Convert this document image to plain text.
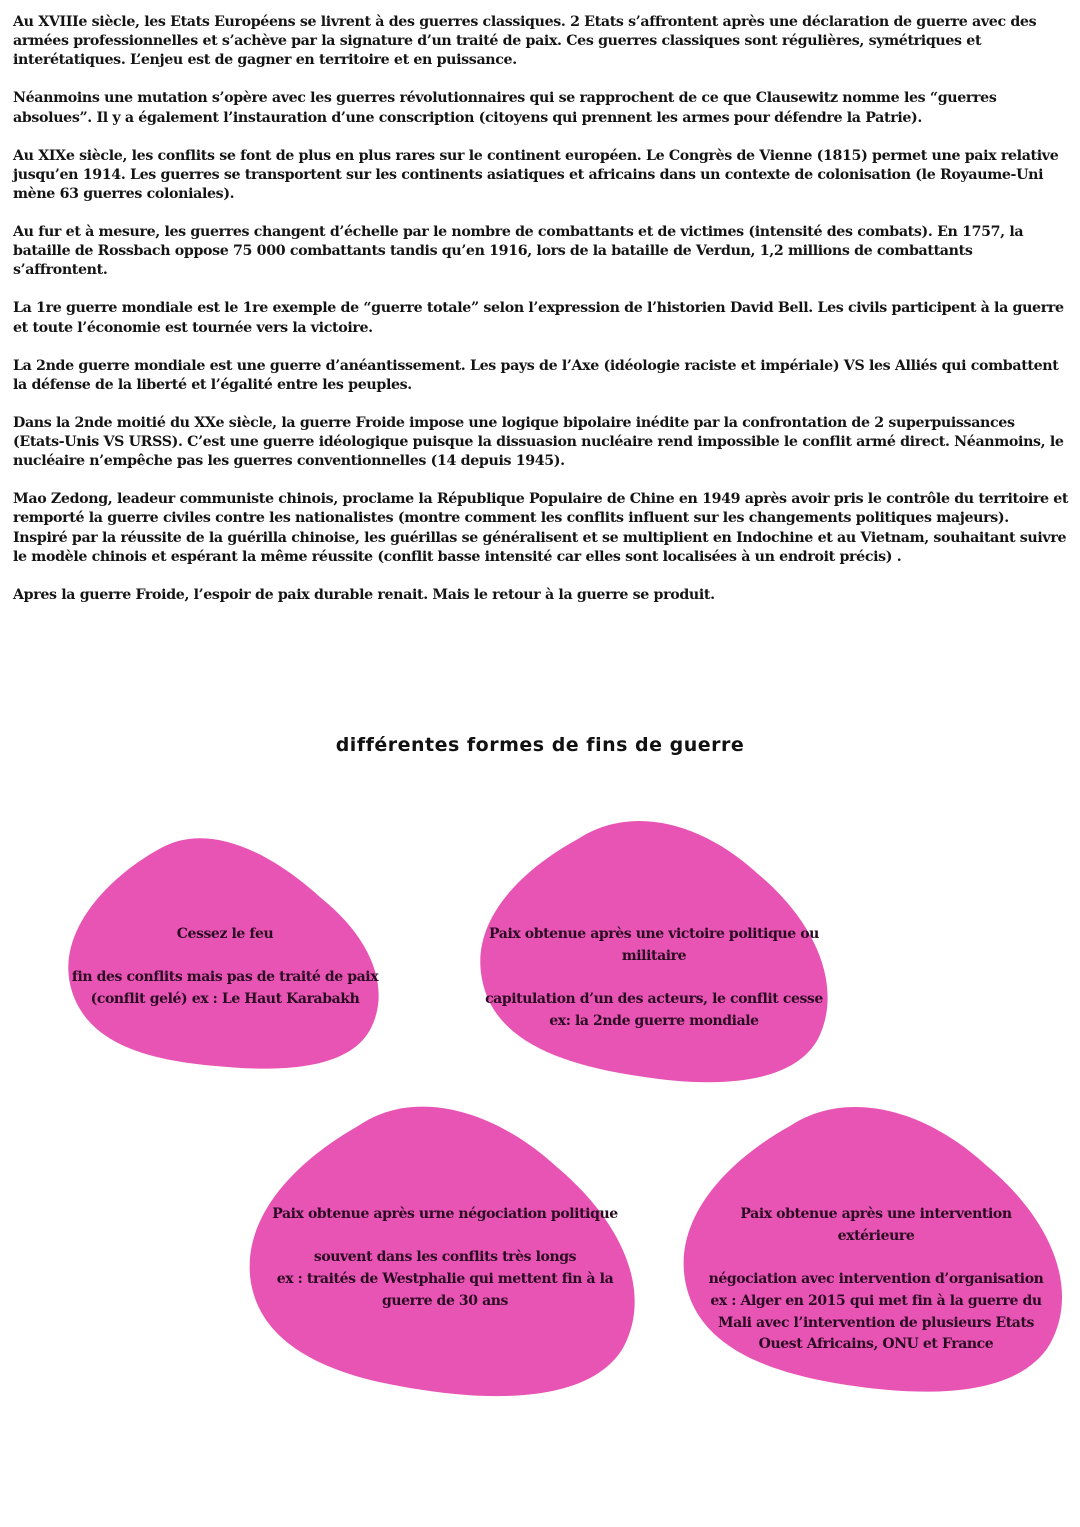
Au XVIIIe siècle, les Etats Européens se livrent à des guerres classiques. 2 Etats s’affrontent après une déclaration de guerre avec des armées professionnelles et s’achève par la signature d’un traité de paix. Ces guerres classiques sont régulières, symétriques et interétatiques. L’enjeu est de gagner en territoire et en puissance.

Néanmoins une mutation s’opère avec les guerres révolutionnaires qui se rapprochent de ce que Clausewitz nomme les “guerres absolues”. Il y a également l’instauration d’une conscription (citoyens qui prennent les armes pour défendre la Patrie).

Au XIXe siècle, les conflits se font de plus en plus rares sur le continent européen. Le Congrès de Vienne (1815) permet une paix relative jusqu’en 1914. Les guerres se transportent sur les continents asiatiques et africains dans un contexte de colonisation (le Royaume-Uni mène 63 guerres coloniales).

Au fur et à mesure, les guerres changent d’échelle par le nombre de combattants et de victimes (intensité des combats). En 1757, la bataille de Rossbach oppose 75 000 combattants tandis qu’en 1916, lors de la bataille de Verdun, 1,2 millions de combattants s’affrontent.

La 1re guerre mondiale est le 1re exemple de “guerre totale” selon l’expression de l’historien David Bell. Les civils participent à la guerre et toute l’économie est tournée vers la victoire.

La 2nde guerre mondiale est une guerre d’anéantissement. Les pays de l’Axe (idéologie raciste et impériale) VS les Alliés qui combattent la défense de la liberté et l’égalité entre les peuples.

Dans la 2nde moitié du XXe siècle, la guerre Froide impose une logique bipolaire inédite par la confrontation de 2 superpuissances (Etats-Unis VS URSS). C’est une guerre idéologique puisque la dissuasion nucléaire rend impossible le conflit armé direct. Néanmoins, le nucléaire n’empêche pas les guerres conventionnelles (14 depuis 1945).

Mao Zedong, leadeur communiste chinois, proclame la République Populaire de Chine en 1949 après avoir pris le contrôle du territoire et remporté la guerre civiles contre les nationalistes (montre comment les conflits influent sur les changements politiques majeurs).
Inspiré par la réussite de la guérilla chinoise, les guérillas se généralisent et se multiplient en Indochine et au Vietnam, souhaitant suivre le modèle chinois et espérant la même réussite (conflit basse intensité car elles sont localisées à un endroit précis) .

Apres la guerre Froide, l’espoir de paix durable renait. Mais le retour à la guerre se produit.

différentes formes de fins de guerre
Cessez le feu
fin des conflits mais pas de traité de paix
(conflit gelé) ex : Le Haut Karabakh
Paix obtenue après une victoire politique ou
militaire
capitulation d’un des acteurs, le conflit cesse
ex: la 2nde guerre mondiale
Paix obtenue après urne négociation politique
souvent dans les conflits très longs
ex : traités de Westphalie qui mettent fin à la
guerre de 30 ans
Paix obtenue après une intervention
extérieure
négociation avec intervention d’organisation
ex : Alger en 2015 qui met fin à la guerre du
Mali avec l’intervention de plusieurs Etats
Ouest Africains, ONU et France
